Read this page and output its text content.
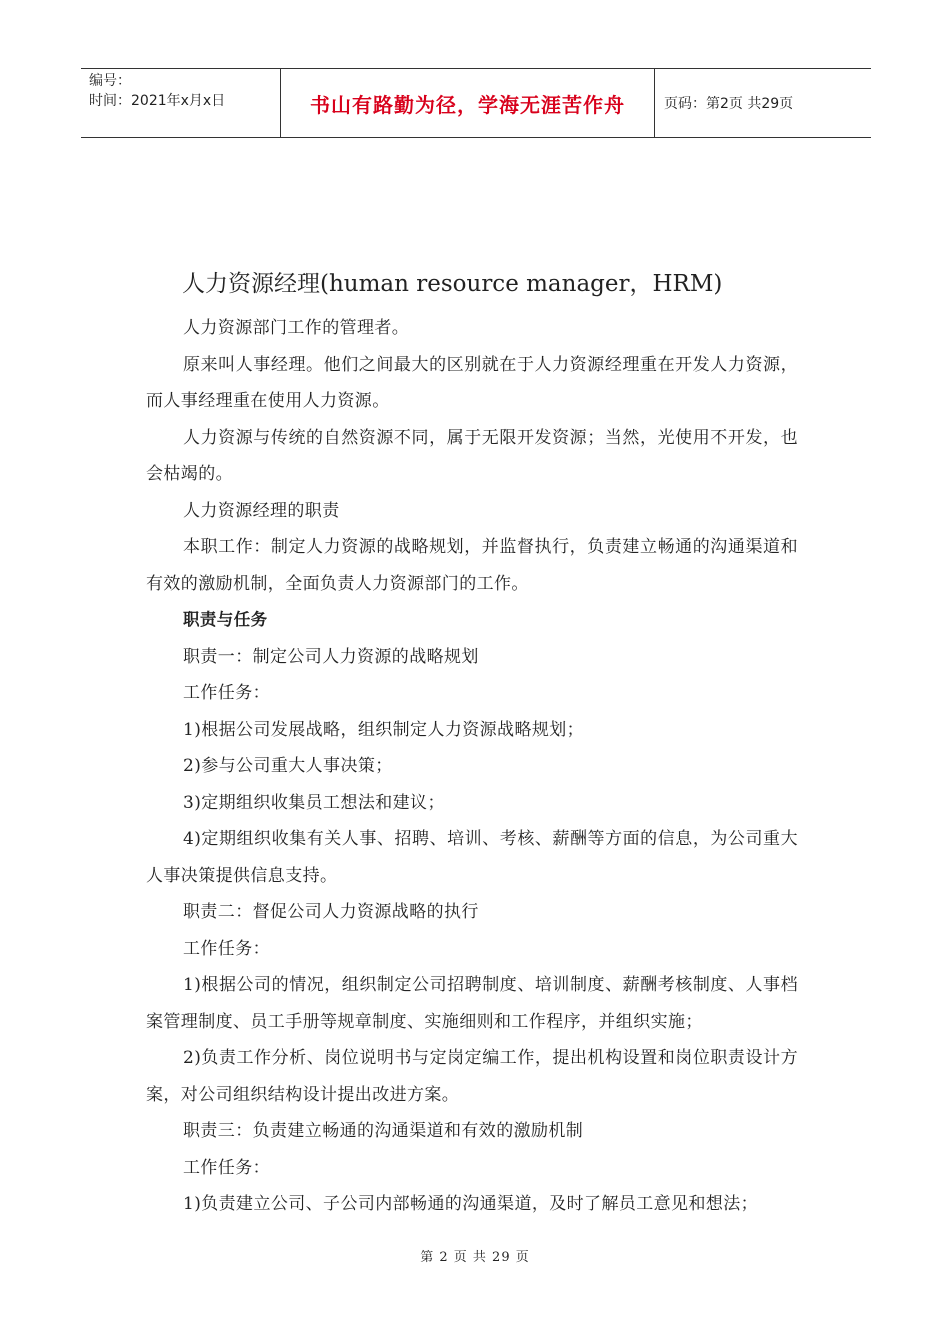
编号：
时间：2021年x月x日	书山有路勤为径，学海无涯苦作舟	页码：第2页 共29页
人力资源经理(human resource manager，HRM)

人力资源部门工作的管理者。

原来叫人事经理。他们之间最大的区别就在于人力资源经理重在开发人力资源，而人事经理重在使用人力资源。

人力资源与传统的自然资源不同，属于无限开发资源；当然，光使用不开发，也会枯竭的。

人力资源经理的职责

本职工作：制定人力资源的战略规划，并监督执行，负责建立畅通的沟通渠道和有效的激励机制，全面负责人力资源部门的工作。

职责与任务

职责一：制定公司人力资源的战略规划

工作任务：

1)根据公司发展战略，组织制定人力资源战略规划；

2)参与公司重大人事决策；

3)定期组织收集员工想法和建议；

4)定期组织收集有关人事、招聘、培训、考核、薪酬等方面的信息，为公司重大人事决策提供信息支持。

职责二：督促公司人力资源战略的执行

工作任务：

1)根据公司的情况，组织制定公司招聘制度、培训制度、薪酬考核制度、人事档案管理制度、员工手册等规章制度、实施细则和工作程序，并组织实施；

2)负责工作分析、岗位说明书与定岗定编工作，提出机构设置和岗位职责设计方案，对公司组织结构设计提出改进方案。

职责三：负责建立畅通的沟通渠道和有效的激励机制

工作任务：

1)负责建立公司、子公司内部畅通的沟通渠道，及时了解员工意见和想法；

第 2 页 共 29 页
